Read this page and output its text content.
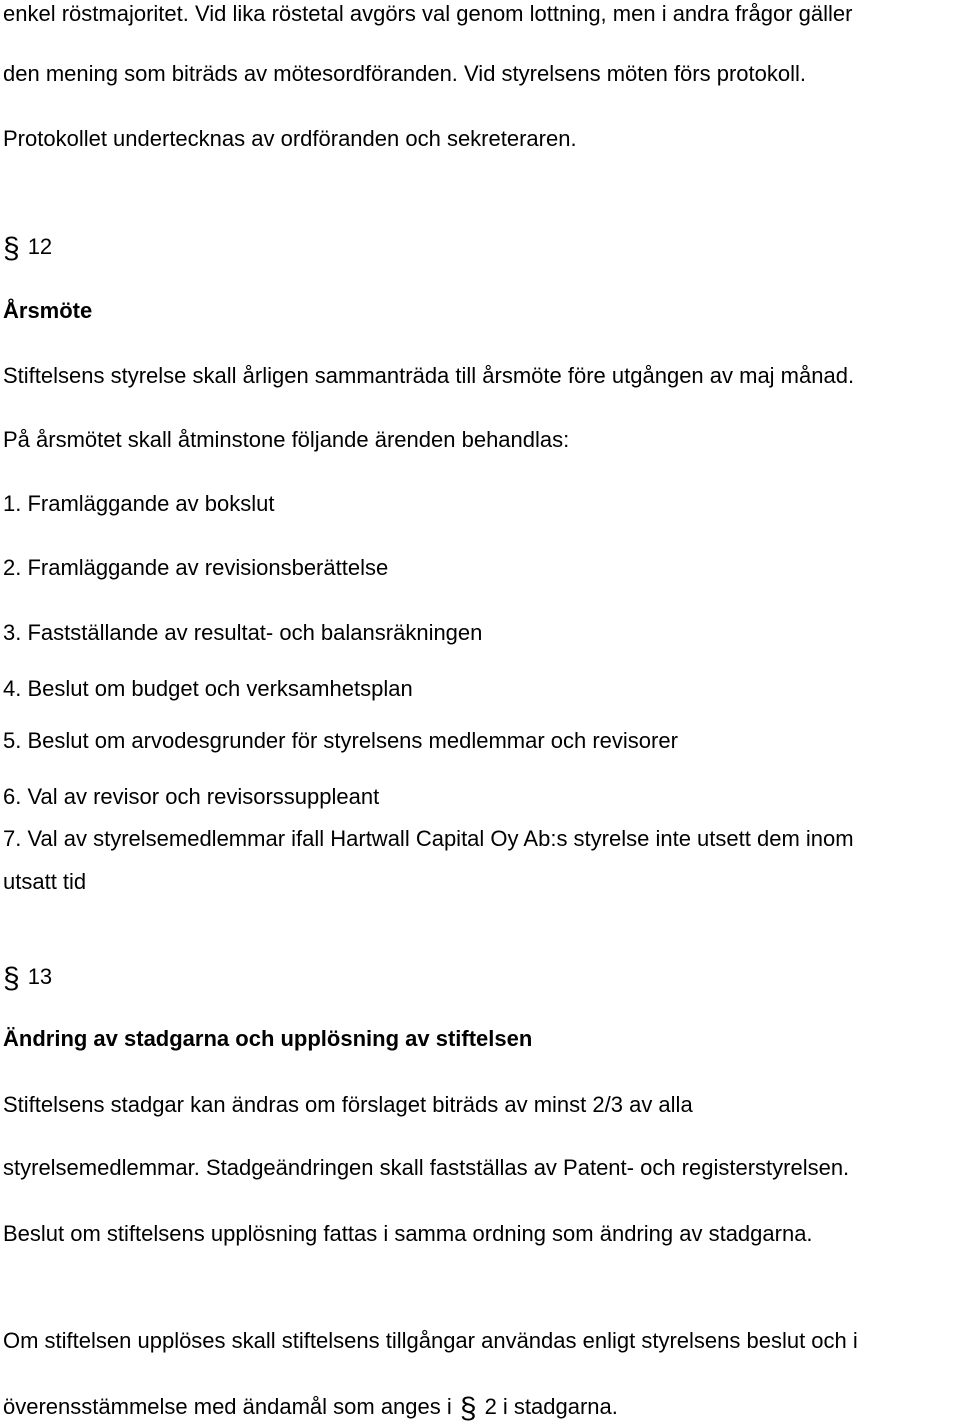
enkel röstmajoritet. Vid lika röstetal avgörs val genom lottning, men i andra frågor gäller
den mening som biträds av mötesordföranden. Vid styrelsens möten förs protokoll.
Protokollet undertecknas av ordföranden och sekreteraren.
§ 12
Årsmöte
Stiftelsens styrelse skall årligen sammanträda till årsmöte före utgången av maj månad.
På årsmötet skall åtminstone följande ärenden behandlas:
1. Framläggande av bokslut
2. Framläggande av revisionsberättelse
3. Fastställande av resultat- och balansräkningen
4. Beslut om budget och verksamhetsplan
5. Beslut om arvodesgrunder för styrelsens medlemmar och revisorer
6. Val av revisor och revisorssuppleant
7. Val av styrelsemedlemmar ifall Hartwall Capital Oy Ab:s styrelse inte utsett dem inom
utsatt tid
§ 13
Ändring av stadgarna och upplösning av stiftelsen
Stiftelsens stadgar kan ändras om förslaget biträds av minst 2/3 av alla
styrelsemedlemmar. Stadgeändringen skall fastställas av Patent- och registerstyrelsen.
Beslut om stiftelsens upplösning fattas i samma ordning som ändring av stadgarna.
Om stiftelsen upplöses skall stiftelsens tillgångar användas enligt styrelsens beslut och i
överensstämmelse med ändamål som anges i § 2 i stadgarna.
